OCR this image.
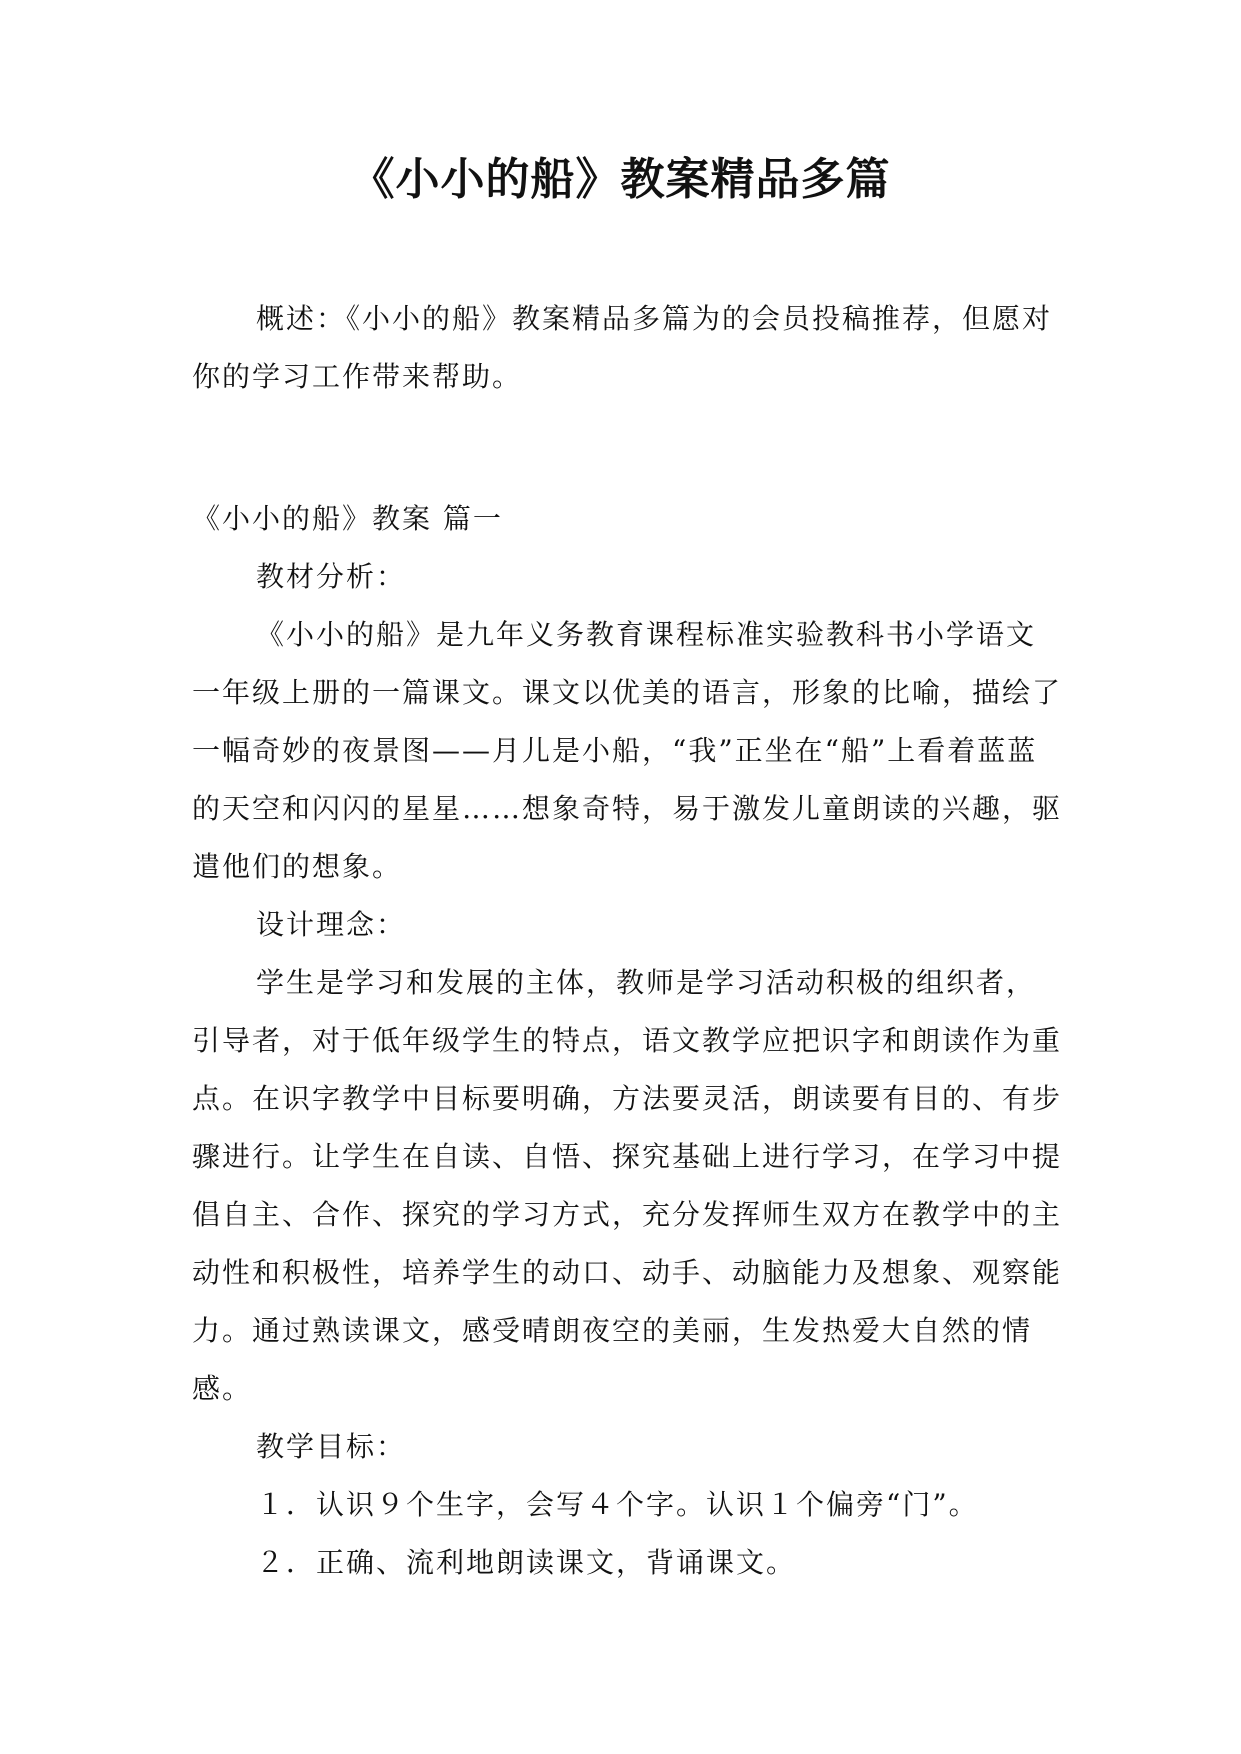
《小小的船》教案精品多篇

概述：《小小的船》教案精品多篇为的会员投稿推荐，但愿对你的学习工作带来帮助。

《小小的船》教案 篇一

教材分析：

《小小的船》是九年义务教育课程标准实验教科书小学语文一年级上册的一篇课文。课文以优美的语言，形象的比喻，描绘了一幅奇妙的夜景图——月儿是小船，“我”正坐在“船”上看着蓝蓝的天空和闪闪的星星……想象奇特，易于激发儿童朗读的兴趣，驱遣他们的想象。

设计理念：

学生是学习和发展的主体，教师是学习活动积极的组织者，引导者，对于低年级学生的特点，语文教学应把识字和朗读作为重点。在识字教学中目标要明确，方法要灵活，朗读要有目的、有步骤进行。让学生在自读、自悟、探究基础上进行学习，在学习中提倡自主、合作、探究的学习方式，充分发挥师生双方在教学中的主动性和积极性，培养学生的动口、动手、动脑能力及想象、观察能力。通过熟读课文，感受晴朗夜空的美丽，生发热爱大自然的情感。

教学目标：

１．认识９个生字，会写４个字。认识１个偏旁“门”。

２．正确、流利地朗读课文，背诵课文。
